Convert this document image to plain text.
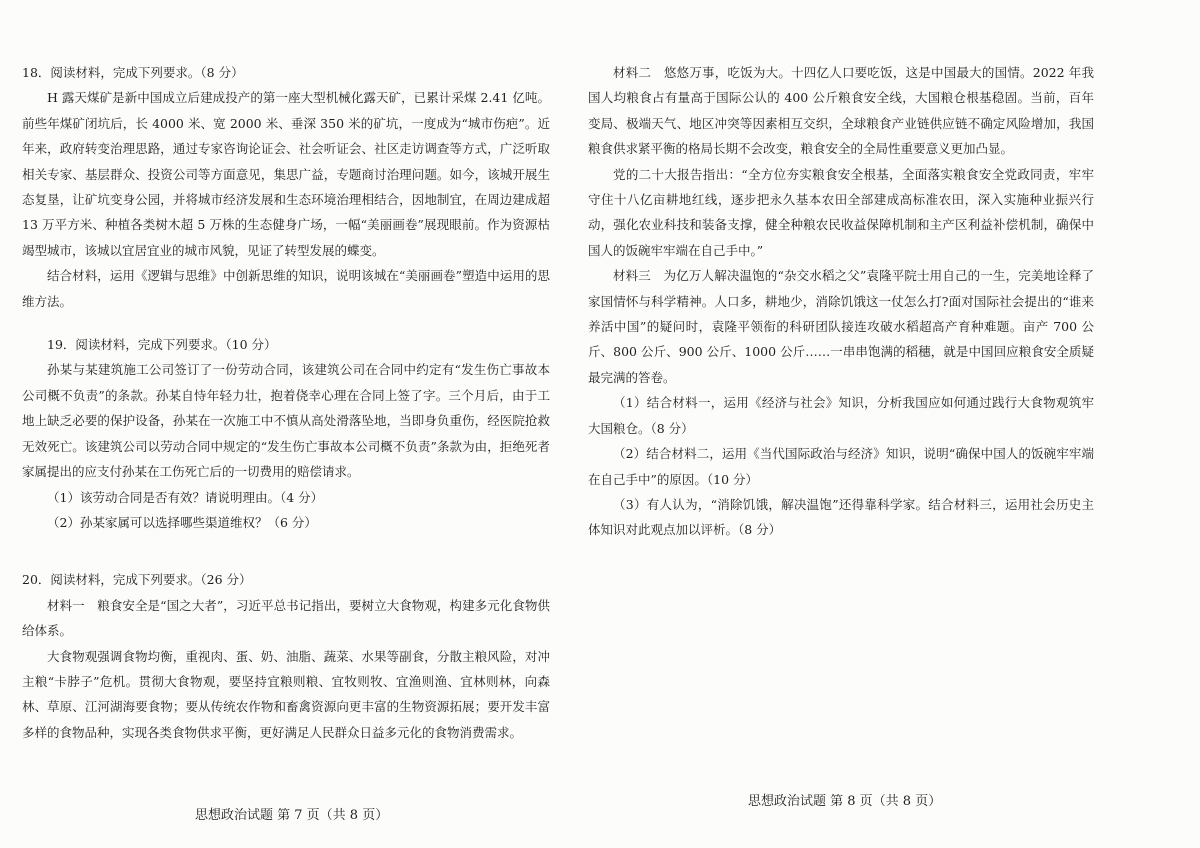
18．阅读材料，完成下列要求。（8 分）

H 露天煤矿是新中国成立后建成投产的第一座大型机械化露天矿，已累计采煤 2.41 亿吨。前些年煤矿闭坑后，长 4000 米、宽 2000 米、垂深 350 米的矿坑，一度成为“城市伤疤”。近年来，政府转变治理思路，通过专家咨询论证会、社会听证会、社区走访调查等方式，广泛听取相关专家、基层群众、投资公司等方面意见，集思广益，专题商讨治理问题。如今，该城开展生态复垦，让矿坑变身公园，并将城市经济发展和生态环境治理相结合，因地制宜，在周边建成超 13 万平方米、种植各类树木超 5 万株的生态健身广场，一幅“美丽画卷”展现眼前。作为资源枯竭型城市，该城以宜居宜业的城市风貌，见证了转型发展的蝶变。

结合材料，运用《逻辑与思维》中创新思维的知识，说明该城在“美丽画卷”塑造中运用的思维方法。

19．阅读材料，完成下列要求。（10 分）

孙某与某建筑施工公司签订了一份劳动合同，该建筑公司在合同中约定有“发生伤亡事故本公司概不负责”的条款。孙某自恃年轻力壮，抱着侥幸心理在合同上签了字。三个月后，由于工地上缺乏必要的保护设备，孙某在一次施工中不慎从高处滑落坠地，当即身负重伤，经医院抢救无效死亡。该建筑公司以劳动合同中规定的“发生伤亡事故本公司概不负责”条款为由，拒绝死者家属提出的应支付孙某在工伤死亡后的一切费用的赔偿请求。

（1）该劳动合同是否有效？请说明理由。（4 分）

（2）孙某家属可以选择哪些渠道维权？（6 分）

20．阅读材料，完成下列要求。（26 分）

材料一　粮食安全是“国之大者”，习近平总书记指出，要树立大食物观，构建多元化食物供给体系。

大食物观强调食物均衡，重视肉、蛋、奶、油脂、蔬菜、水果等副食，分散主粮风险，对冲主粮“卡脖子”危机。贯彻大食物观，要坚持宜粮则粮、宜牧则牧、宜渔则渔、宜林则林，向森林、草原、江河湖海要食物；要从传统农作物和畜禽资源向更丰富的生物资源拓展；要开发丰富多样的食物品种，实现各类食物供求平衡，更好满足人民群众日益多元化的食物消费需求。

材料二　悠悠万事，吃饭为大。十四亿人口要吃饭，这是中国最大的国情。2022 年我国人均粮食占有量高于国际公认的 400 公斤粮食安全线，大国粮仓根基稳固。当前，百年变局、极端天气、地区冲突等因素相互交织，全球粮食产业链供应链不确定风险增加，我国粮食供求紧平衡的格局长期不会改变，粮食安全的全局性重要意义更加凸显。

党的二十大报告指出：“全方位夯实粮食安全根基，全面落实粮食安全党政同责，牢牢守住十八亿亩耕地红线，逐步把永久基本农田全部建成高标准农田，深入实施种业振兴行动，强化农业科技和装备支撑，健全种粮农民收益保障机制和主产区利益补偿机制，确保中国人的饭碗牢牢端在自己手中。”

材料三　为亿万人解决温饱的“杂交水稻之父”袁隆平院士用自己的一生，完美地诠释了家国情怀与科学精神。人口多，耕地少，消除饥饿这一仗怎么打?面对国际社会提出的“谁来养活中国”的疑问时，袁隆平领衔的科研团队接连攻破水稻超高产育种难题。亩产 700 公斤、800 公斤、900 公斤、1000 公斤……一串串饱满的稻穗，就是中国回应粮食安全质疑最完满的答卷。

（1）结合材料一，运用《经济与社会》知识，分析我国应如何通过践行大食物观筑牢大国粮仓。（8 分）

（2）结合材料二，运用《当代国际政治与经济》知识，说明“确保中国人的饭碗牢牢端在自己手中”的原因。（10 分）

（3）有人认为，“消除饥饿，解决温饱”还得靠科学家。结合材料三，运用社会历史主体知识对此观点加以评析。（8 分）

思想政治试题 第 7 页（共 8 页）
思想政治试题 第 8 页（共 8 页）
